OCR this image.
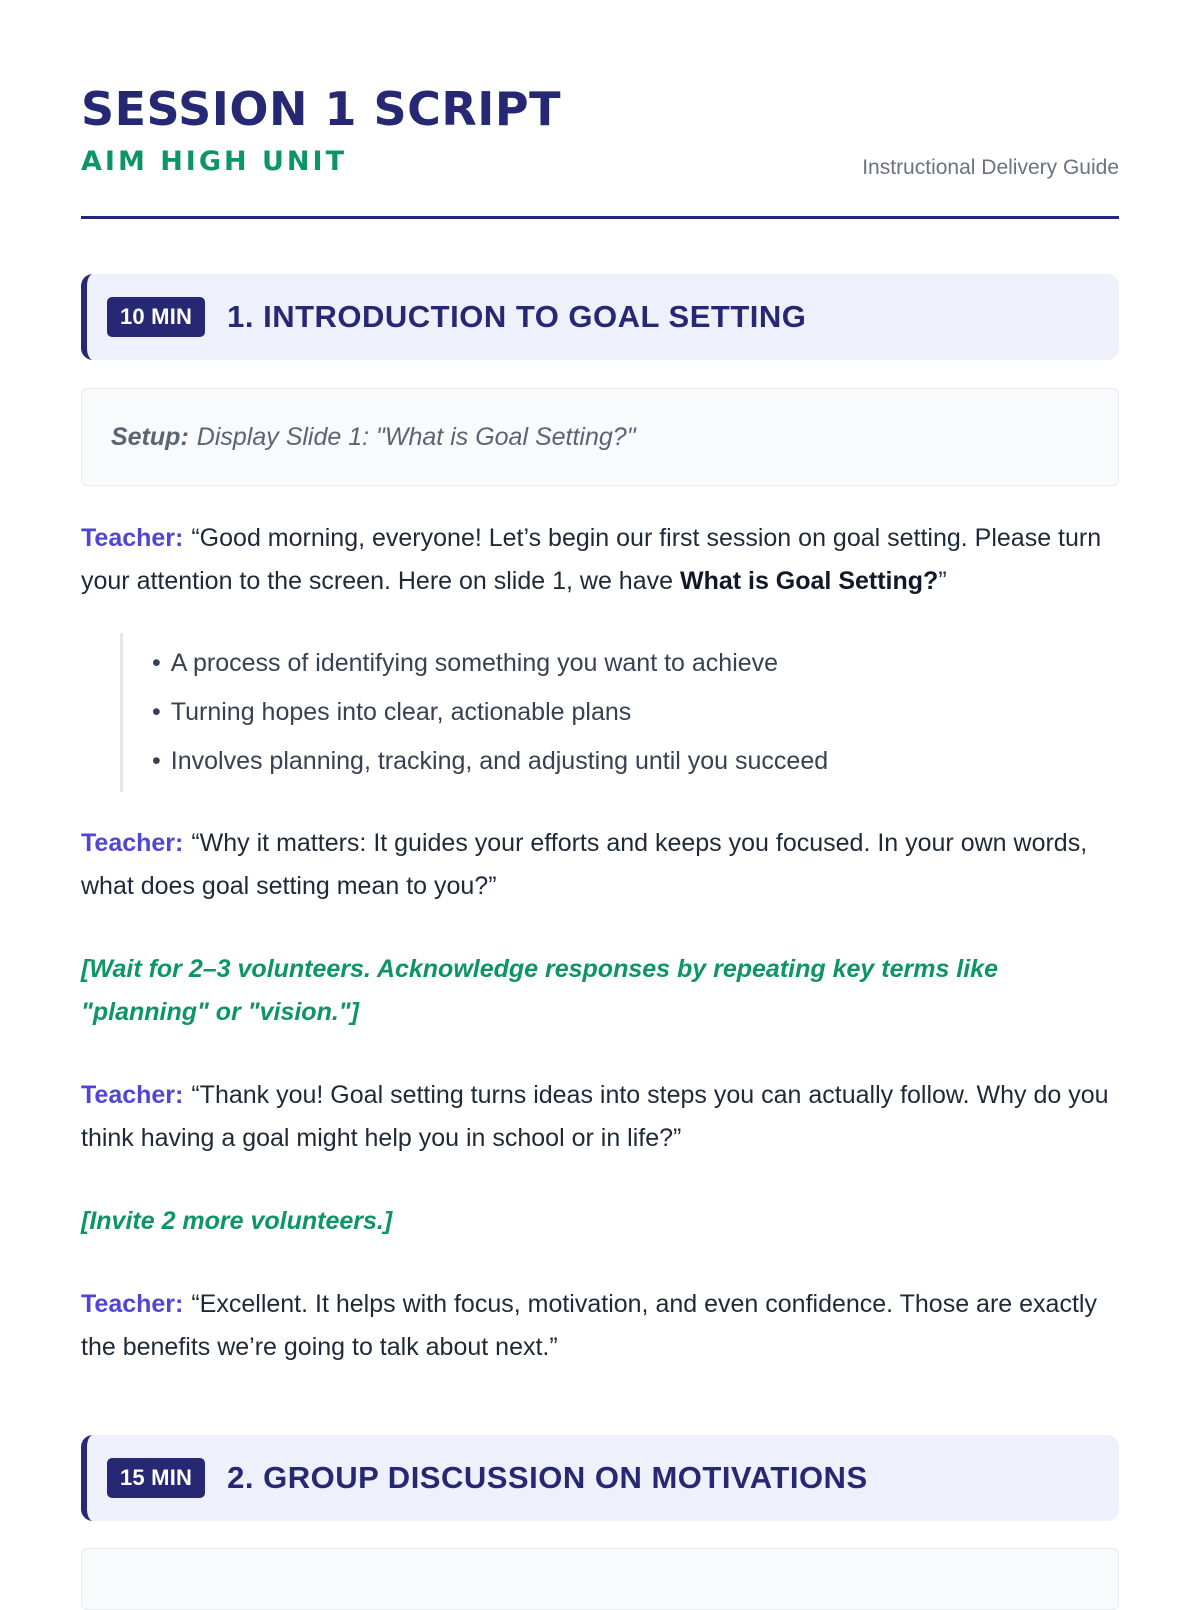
SESSION 1 SCRIPT
AIM HIGH UNIT	Instructional Delivery Guide
10 MIN	1. INTRODUCTION TO GOAL SETTING
Setup: Display Slide 1: "What is Goal Setting?"

Teacher: “Good morning, everyone! Let’s begin our first session on goal setting. Please turn your attention to the screen. Here on slide 1, we have What is Goal Setting?”

• A process of identifying something you want to achieve
• Turning hopes into clear, actionable plans
• Involves planning, tracking, and adjusting until you succeed

Teacher: “Why it matters: It guides your efforts and keeps you focused. In your own words, what does goal setting mean to you?”

[Wait for 2–3 volunteers. Acknowledge responses by repeating key terms like "planning" or "vision."]

Teacher: “Thank you! Goal setting turns ideas into steps you can actually follow. Why do you think having a goal might help you in school or in life?”

[Invite 2 more volunteers.]

Teacher: “Excellent. It helps with focus, motivation, and even confidence. Those are exactly the benefits we’re going to talk about next.”

15 MIN	2. GROUP DISCUSSION ON MOTIVATIONS
